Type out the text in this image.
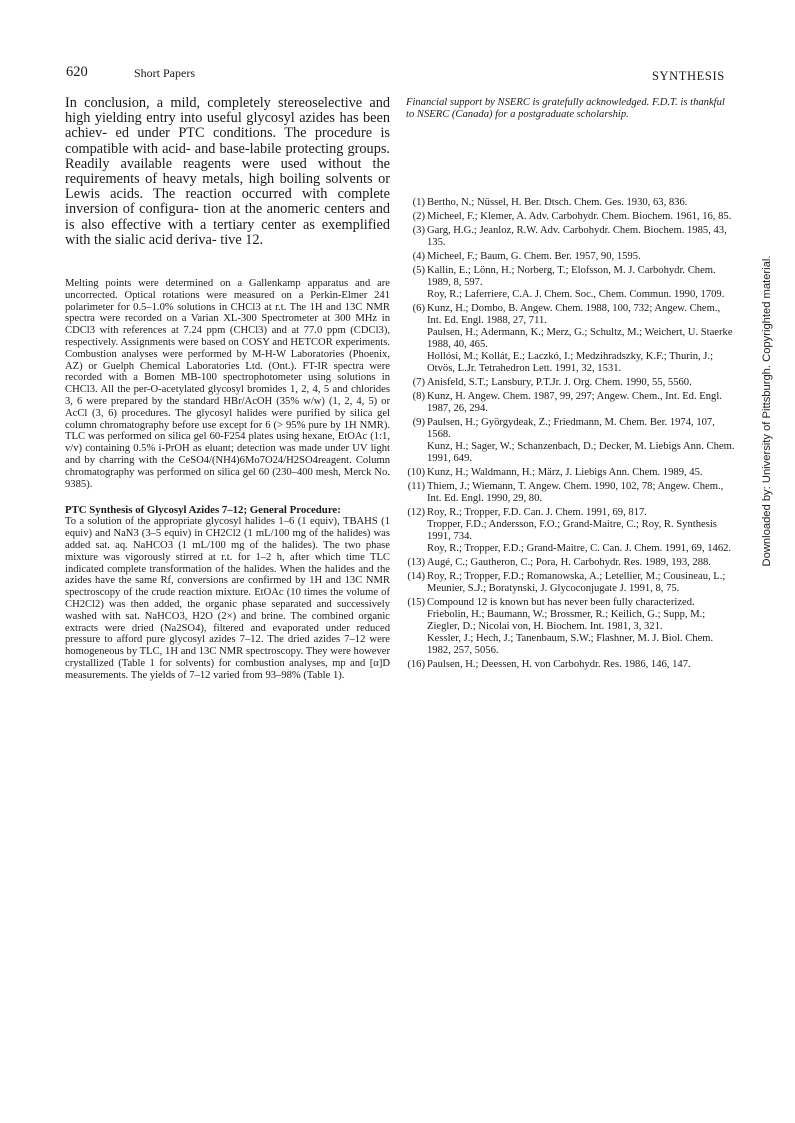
620	Short Papers	SYNTHESIS

In conclusion, a mild, completely stereoselective and high yielding entry into useful glycosyl azides has been achiev- ed under PTC conditions. The procedure is compatible with acid- and base-labile protecting groups. Readily available reagents were used without the requirements of heavy metals, high boiling solvents or Lewis acids. The reaction occurred with complete inversion of configura- tion at the anomeric centers and is also effective with a tertiary center as exemplified with the sialic acid deriva- tive 12.

Melting points were determined on a Gallenkamp apparatus and are uncorrected. Optical rotations were measured on a Perkin-Elmer 241 polarimeter for 0.5–1.0% solutions in CHCl3 at r.t. The 1H and 13C NMR spectra were recorded on a Varian XL-300 Spectrometer at 300 MHz in CDCl3 with references at 7.24 ppm (CHCl3) and at 77.0 ppm (CDCl3), respectively. Assignments were based on COSY and HETCOR experiments. Combustion analyses were performed by M-H-W Laboratories (Phoenix, AZ) or Guelph Chemical Laboratories Ltd. (Ont.). FT-IR spectra were recorded with a Bomen MB-100 spectrophotometer using solutions in CHCl3. All the per-O-acetylated glycosyl bromides 1, 2, 4, 5 and chlorides 3, 6 were prepared by the standard HBr/AcOH (35% w/w) (1, 2, 4, 5) or AcCl (3, 6) procedures. The glycosyl halides were purified by silica gel column chromatography before use except for 6 (> 95% pure by 1H NMR). TLC was performed on silica gel 60-F254 plates using hexane, EtOAc (1:1, v/v) containing 0.5% i-PrOH as eluant; detection was made under UV light and by charring with the CeSO4/(NH4)6Mo7O24/H2SO4reagent. Column chromatography was performed on silica gel 60 (230–400 mesh, Merck No. 9385).

PTC Synthesis of Glycosyl Azides 7–12; General Procedure:

To a solution of the appropriate glycosyl halides 1–6 (1 equiv), TBAHS (1 equiv) and NaN3 (3–5 equiv) in CH2Cl2 (1 mL/100 mg of the halides) was added sat. aq. NaHCO3 (1 mL/100 mg of the halides). The two phase mixture was vigorously stirred at r.t. for 1–2 h, after which time TLC indicated complete transformation of the halides. When the halides and the azides have the same Rf, conversions are confirmed by 1H and 13C NMR spectroscopy of the crude reaction mixture. EtOAc (10 times the volume of CH2Cl2) was then added, the organic phase separated and successively washed with sat. NaHCO3, H2O (2×) and brine. The combined organic extracts were dried (Na2SO4), filtered and evaporated under reduced pressure to afford pure glycosyl azides 7–12. The dried azides 7–12 were homogeneous by TLC, 1H and 13C NMR spectroscopy. They were however crystallized (Table 1 for solvents) for combustion analyses, mp and [α]D measurements. The yields of 7–12 varied from 93–98% (Table 1).

Financial support by NSERC is gratefully acknowledged. F.D.T. is thankful to NSERC (Canada) for a postgraduate scholarship.

(1) Bertho, N.; Nüssel, H. Ber. Dtsch. Chem. Ges. 1930, 63, 836.

(2) Micheel, F.; Klemer, A. Adv. Carbohydr. Chem. Biochem. 1961, 16, 85.

(3) Garg, H.G.; Jeanloz, R.W. Adv. Carbohydr. Chem. Biochem. 1985, 43, 135.

(4) Micheel, F.; Baum, G. Chem. Ber. 1957, 90, 1595.

(5) Kallin, E.; Lönn, H.; Norberg, T.; Elofsson, M. J. Carbohydr. Chem. 1989, 8, 597.

Roy, R.; Laferriere, C.A. J. Chem. Soc., Chem. Commun. 1990, 1709.

(6) Kunz, H.; Dombo, B. Angew. Chem. 1988, 100, 732; Angew. Chem., Int. Ed. Engl. 1988, 27, 711.

Paulsen, H.; Adermann, K.; Merz, G.; Schultz, M.; Weichert, U. Staerke 1988, 40, 465.

Hollósi, M.; Kollát, E.; Laczkó, I.; Medzihradszky, K.F.; Thurin, J.; Otvös, L.Jr. Tetrahedron Lett. 1991, 32, 1531.

(7) Anisfeld, S.T.; Lansbury, P.T.Jr. J. Org. Chem. 1990, 55, 5560.

(8) Kunz, H. Angew. Chem. 1987, 99, 297; Angew. Chem., Int. Ed. Engl. 1987, 26, 294.

(9) Paulsen, H.; Györgydeak, Z.; Friedmann, M. Chem. Ber. 1974, 107, 1568.

Kunz, H.; Sager, W.; Schanzenbach, D.; Decker, M. Liebigs Ann. Chem. 1991, 649.

(10) Kunz, H.; Waldmann, H.; März, J. Liebigs Ann. Chem. 1989, 45.

(11) Thiem, J.; Wiemann, T. Angew. Chem. 1990, 102, 78; Angew. Chem., Int. Ed. Engl. 1990, 29, 80.

(12) Roy, R.; Tropper, F.D. Can. J. Chem. 1991, 69, 817.

Tropper, F.D.; Andersson, F.O.; Grand-Maitre, C.; Roy, R. Synthesis 1991, 734.

Roy, R.; Tropper, F.D.; Grand-Maitre, C. Can. J. Chem. 1991, 69, 1462.

(13) Augé, C.; Gautheron, C.; Pora, H. Carbohydr. Res. 1989, 193, 288.

(14) Roy, R.; Tropper, F.D.; Romanowska, A.; Letellier, M.; Cousineau, L.; Meunier, S.J.; Boratynski, J. Glycoconjugate J. 1991, 8, 75.

(15) Compound 12 is known but has never been fully characterized.

Friebolin, H.; Baumann, W.; Brossmer, R.; Keilich, G.; Supp, M.; Ziegler, D.; Nicolai von, H. Biochem. Int. 1981, 3, 321.

Kessler, J.; Hech, J.; Tanenbaum, S.W.; Flashner, M. J. Biol. Chem. 1982, 257, 5056.

(16) Paulsen, H.; Deessen, H. von Carbohydr. Res. 1986, 146, 147.

Downloaded by: University of Pittsburgh. Copyrighted material.
